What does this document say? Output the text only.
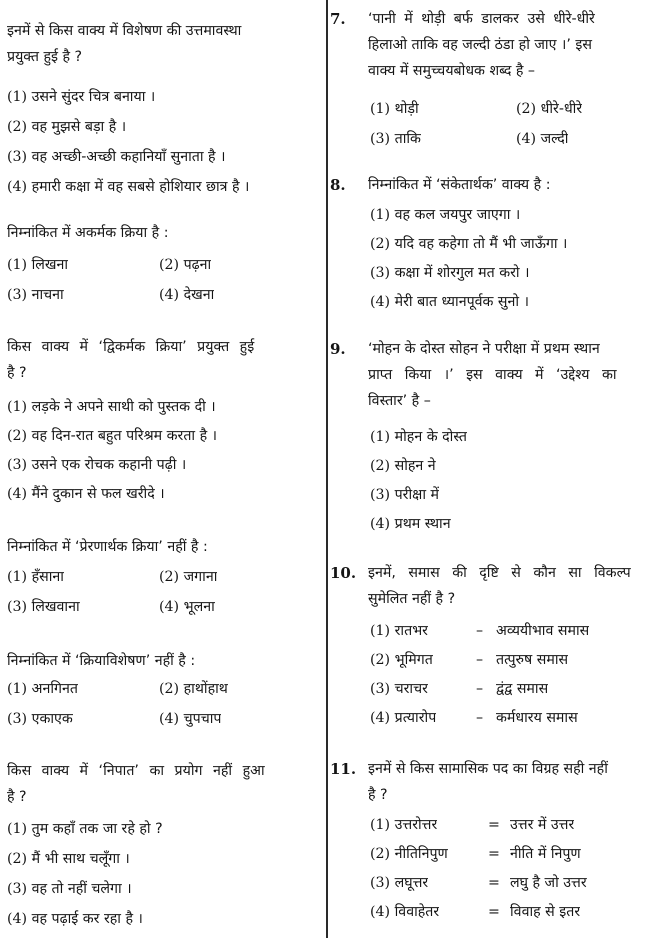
इनमें से किस वाक्य में विशेषण की उत्तमावस्था
प्रयुक्त हुई है ?
(1) उसने सुंदर चित्र बनाया ।
(2) वह मुझसे बड़ा है ।
(3) वह अच्छी-अच्छी कहानियाँ सुनाता है ।
(4) हमारी कक्षा में वह सबसे होशियार छात्र है ।
निम्नांकित में अकर्मक क्रिया है :
(1) लिखना	(2) पढ़ना
(3) नाचना	(4) देखना
किस वाक्य में ‘द्विकर्मक क्रिया’ प्रयुक्त हुई
है ?
(1) लड़के ने अपने साथी को पुस्तक दी ।
(2) वह दिन-रात बहुत परिश्रम करता है ।
(3) उसने एक रोचक कहानी पढ़ी ।
(4) मैंने दुकान से फल खरीदे ।
निम्नांकित में ‘प्रेरणार्थक क्रिया’ नहीं है :
(1) हँसाना	(2) जगाना
(3) लिखवाना	(4) भूलना
निम्नांकित में ‘क्रियाविशेषण’ नहीं है :
(1) अनगिनत	(2) हाथोंहाथ
(3) एकाएक	(4) चुपचाप
किस वाक्य में ‘निपात’ का प्रयोग नहीं हुआ
है ?
(1) तुम कहाँ तक जा रहे हो ?
(2) मैं भी साथ चलूँगा ।
(3) वह तो नहीं चलेगा ।
(4) वह पढ़ाई कर रहा है ।
7. ‘पानी में थोड़ी बर्फ डालकर उसे धीरे-धीरे
हिलाओ ताकि वह जल्दी ठंडा हो जाए ।’ इस
वाक्य में समुच्चयबोधक शब्द है –
(1) थोड़ी	(2) धीरे-धीरे
(3) ताकि	(4) जल्दी
8. निम्नांकित में ‘संकेतार्थक’ वाक्य है :
(1) वह कल जयपुर जाएगा ।
(2) यदि वह कहेगा तो मैं भी जाऊँगा ।
(3) कक्षा में शोरगुल मत करो ।
(4) मेरी बात ध्यानपूर्वक सुनो ।
9. ‘मोहन के दोस्त सोहन ने परीक्षा में प्रथम स्थान
प्राप्त किया ।’ इस वाक्य में ‘उद्देश्य का
विस्तार’ है –
(1) मोहन के दोस्त
(2) सोहन ने
(3) परीक्षा में
(4) प्रथम स्थान
10. इनमें, समास की दृष्टि से कौन सा विकल्प
सुमेलित नहीं है ?
(1) रातभर	– अव्ययीभाव समास
(2) भूमिगत	– तत्पुरुष समास
(3) चराचर	– द्वंद्व समास
(4) प्रत्यारोप	– कर्मधारय समास
11. इनमें से किस सामासिक पद का विग्रह सही नहीं
है ?
(1) उत्तरोत्तर	= उत्तर में उत्तर
(2) नीतिनिपुण	= नीति में निपुण
(3) लघूत्तर	= लघु है जो उत्तर
(4) विवाहेतर	= विवाह से इतर
